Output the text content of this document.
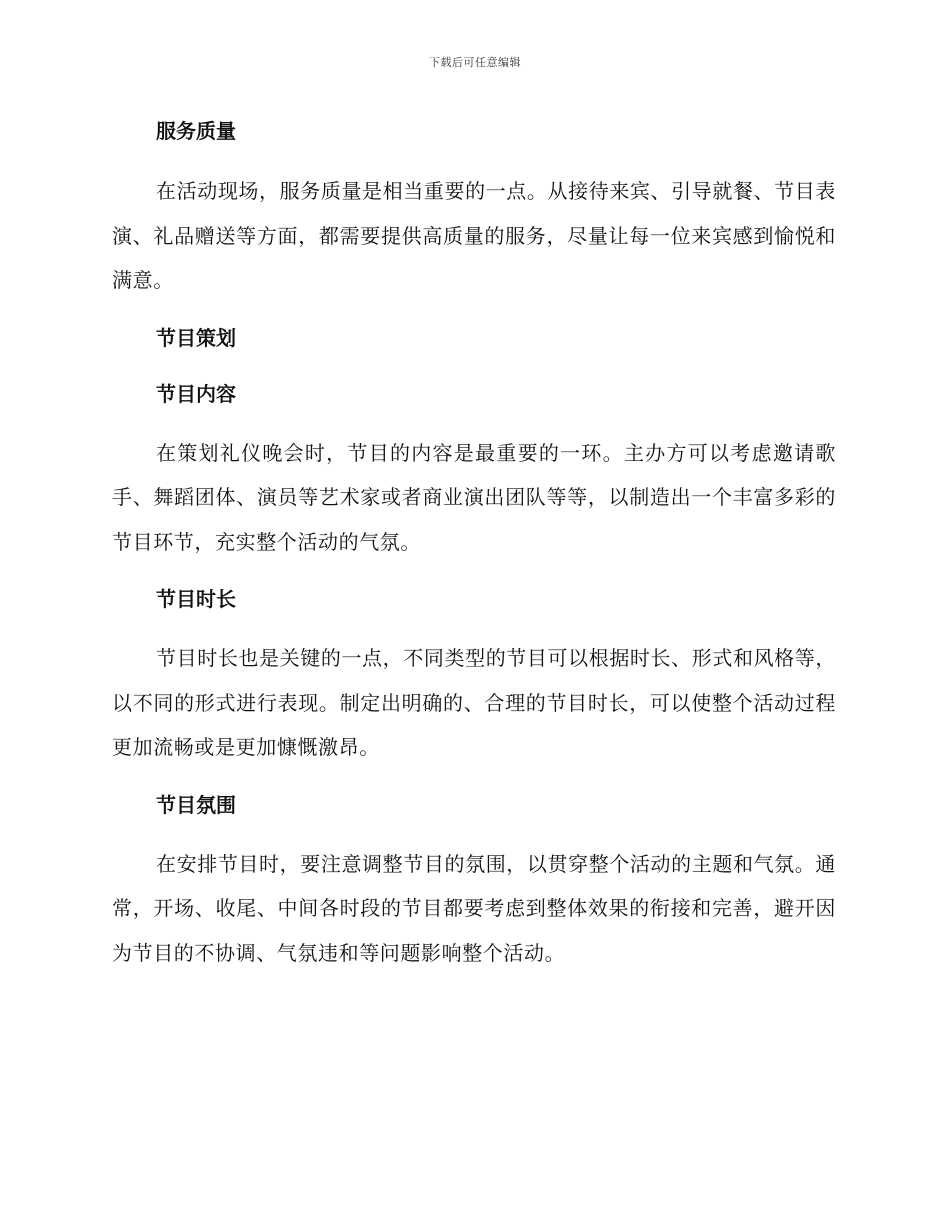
下载后可任意编辑
服务质量

在活动现场，服务质量是相当重要的一点。从接待来宾、引导就餐、节目表演、礼品赠送等方面，都需要提供高质量的服务，尽量让每一位来宾感到愉悦和满意。

节目策划
节目内容

在策划礼仪晚会时，节目的内容是最重要的一环。主办方可以考虑邀请歌手、舞蹈团体、演员等艺术家或者商业演出团队等等，以制造出一个丰富多彩的节目环节，充实整个活动的气氛。

节目时长

节目时长也是关键的一点，不同类型的节目可以根据时长、形式和风格等，以不同的形式进行表现。制定出明确的、合理的节目时长，可以使整个活动过程更加流畅或是更加慷慨激昂。

节目氛围

在安排节目时，要注意调整节目的氛围，以贯穿整个活动的主题和气氛。通常，开场、收尾、中间各时段的节目都要考虑到整体效果的衔接和完善，避开因为节目的不协调、气氛违和等问题影响整个活动。
